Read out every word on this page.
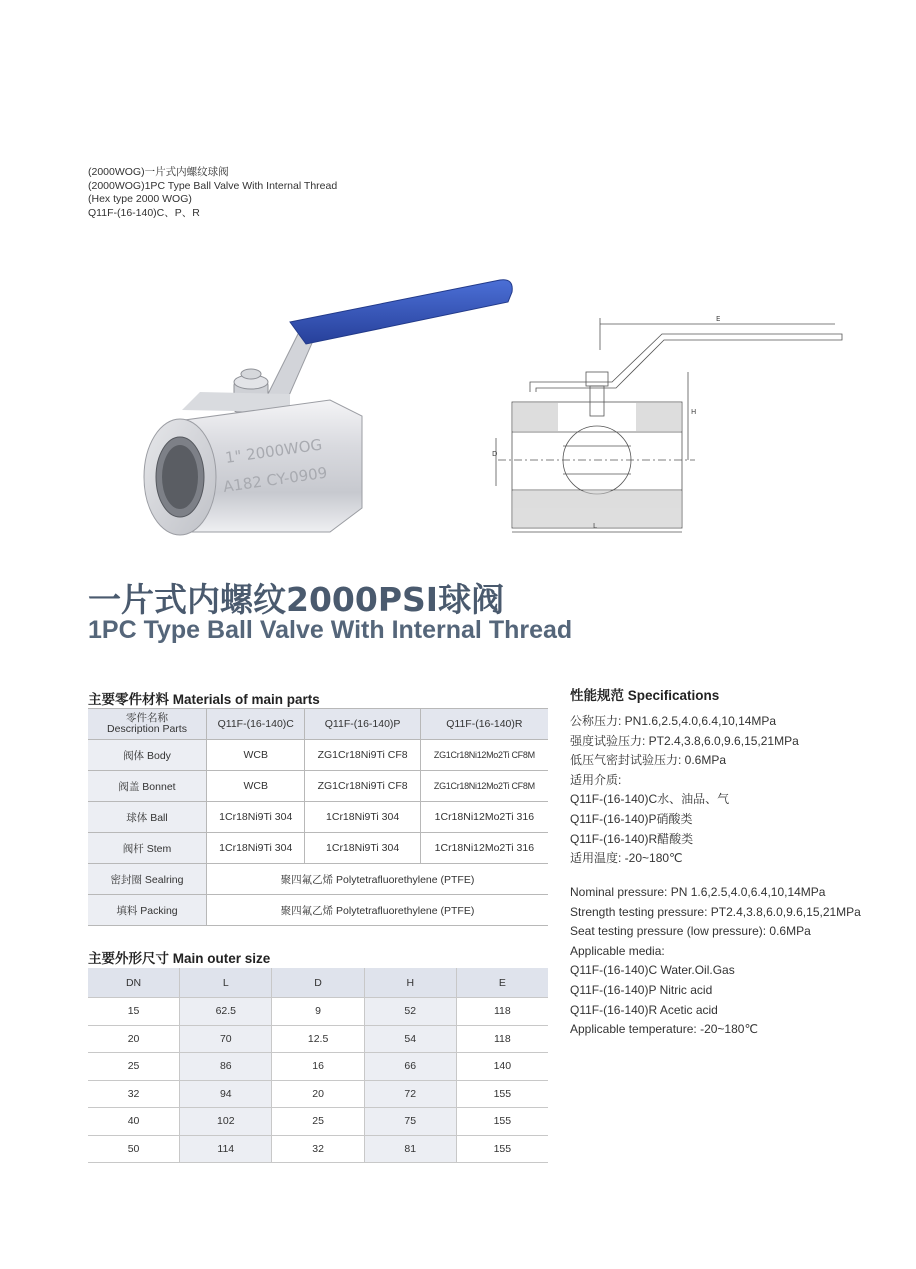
(2000WOG)一片式内螺纹球阀
(2000WOG)1PC Type Ball Valve With Internal Thread
(Hex type 2000 WOG)
Q11F-(16-140)C、P、R
1" 2000WOG
A182 CY-0909
E
H
D
L
一片式内螺纹2000PSI球阀
1PC Type Ball Valve With Internal Thread
主要零件材料 Materials of main parts
零件名称
Description Parts	Q11F-(16-140)C	Q11F-(16-140)P	Q11F-(16-140)R
阀体 Body	WCB	ZG1Cr18Ni9Ti CF8	ZG1Cr18Ni12Mo2Ti CF8M
阀盖 Bonnet	WCB	ZG1Cr18Ni9Ti CF8	ZG1Cr18Ni12Mo2Ti CF8M
球体 Ball	1Cr18Ni9Ti 304	1Cr18Ni9Ti 304	1Cr18Ni12Mo2Ti 316
阀杆 Stem	1Cr18Ni9Ti 304	1Cr18Ni9Ti 304	1Cr18Ni12Mo2Ti 316
密封圈 Sealring	聚四氟乙烯 Polytetrafluorethylene (PTFE)		
填料 Packing	聚四氟乙烯 Polytetrafluorethylene (PTFE)		
主要外形尺寸 Main outer size
DN	L	D	H	E
15	62.5	9	52	118
20	70	12.5	54	118
25	86	16	66	140
32	94	20	72	155
40	102	25	75	155
50	114	32	81	155
性能规范 Specifications
公称压力: PN1.6,2.5,4.0,6.4,10,14MPa
强度试验压力: PT2.4,3.8,6.0,9.6,15,21MPa
低压气密封试验压力: 0.6MPa
适用介质:
Q11F-(16-140)C水、油品、气
Q11F-(16-140)P硝酸类
Q11F-(16-140)R醋酸类
适用温度: -20~180℃
Nominal pressure: PN 1.6,2.5,4.0,6.4,10,14MPa
Strength testing pressure: PT2.4,3.8,6.0,9.6,15,21MPa
Seat testing pressure (low pressure): 0.6MPa
Applicable media:
Q11F-(16-140)C Water.Oil.Gas
Q11F-(16-140)P Nitric acid
Q11F-(16-140)R Acetic acid
Applicable temperature: -20~180℃
